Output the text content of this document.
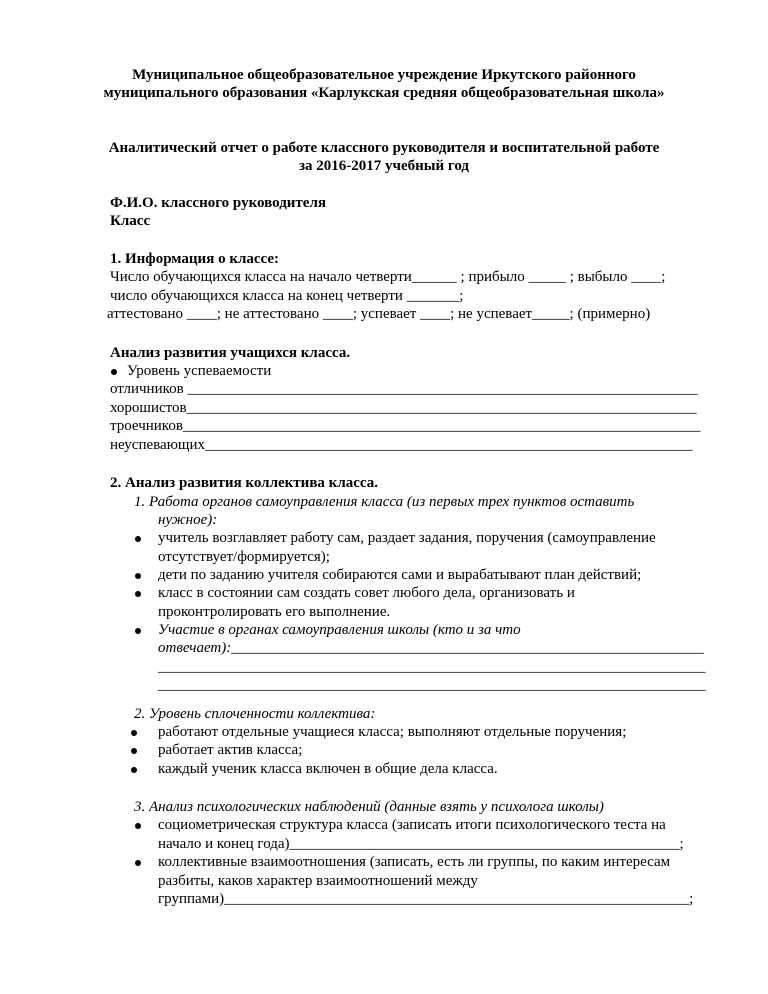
Муниципальное общеобразовательное учреждение Иркутского районного
муниципального образования «Карлукская средняя общеобразовательная школа»
Аналитический отчет о работе классного руководителя и воспитательной работе
за 2016-2017 учебный год
Ф.И.О. классного руководителя
Класс
1. Информация о классе:
Число обучающихся класса на начало четверти______ ; прибыло _____ ; выбыло ____;
число обучающихся класса на конец четверти _______;
аттестовано ____; не аттестовано ____; успевает ____; не успевает_____; (примерно)
Анализ развития учащихся класса.
Уровень успеваемости
отличников ____________________________________________________________________
хорошистов____________________________________________________________________
троечников_____________________________________________________________________
неуспевающих_________________________________________________________________
2. Анализ развития коллектива класса.
1. Работа органов самоуправления класса (из первых трех пунктов оставить
нужное):
учитель возглавляет работу сам, раздает задания, поручения (самоуправление
отсутствует/формируется);
дети по заданию учителя собираются сами и вырабатывают план действий;
класс в состоянии сам создать совет любого дела, организовать и
проконтролировать его выполнение.
Участие в органах самоуправления школы (кто и за что
отвечает):_______________________________________________________________
_________________________________________________________________________
_________________________________________________________________________
2. Уровень сплоченности коллектива:
работают отдельные учащиеся класса; выполняют отдельные поручения;
работает актив класса;
каждый ученик класса включен в общие дела класса.
3. Анализ психологических наблюдений (данные взять у психолога школы)
социометрическая структура класса (записать итоги психологического теста на
начало и конец года)____________________________________________________;
коллективные взаимоотношения (записать, есть ли группы, по каким интересам
разбиты, каков характер взаимоотношений между
группами)______________________________________________________________;
